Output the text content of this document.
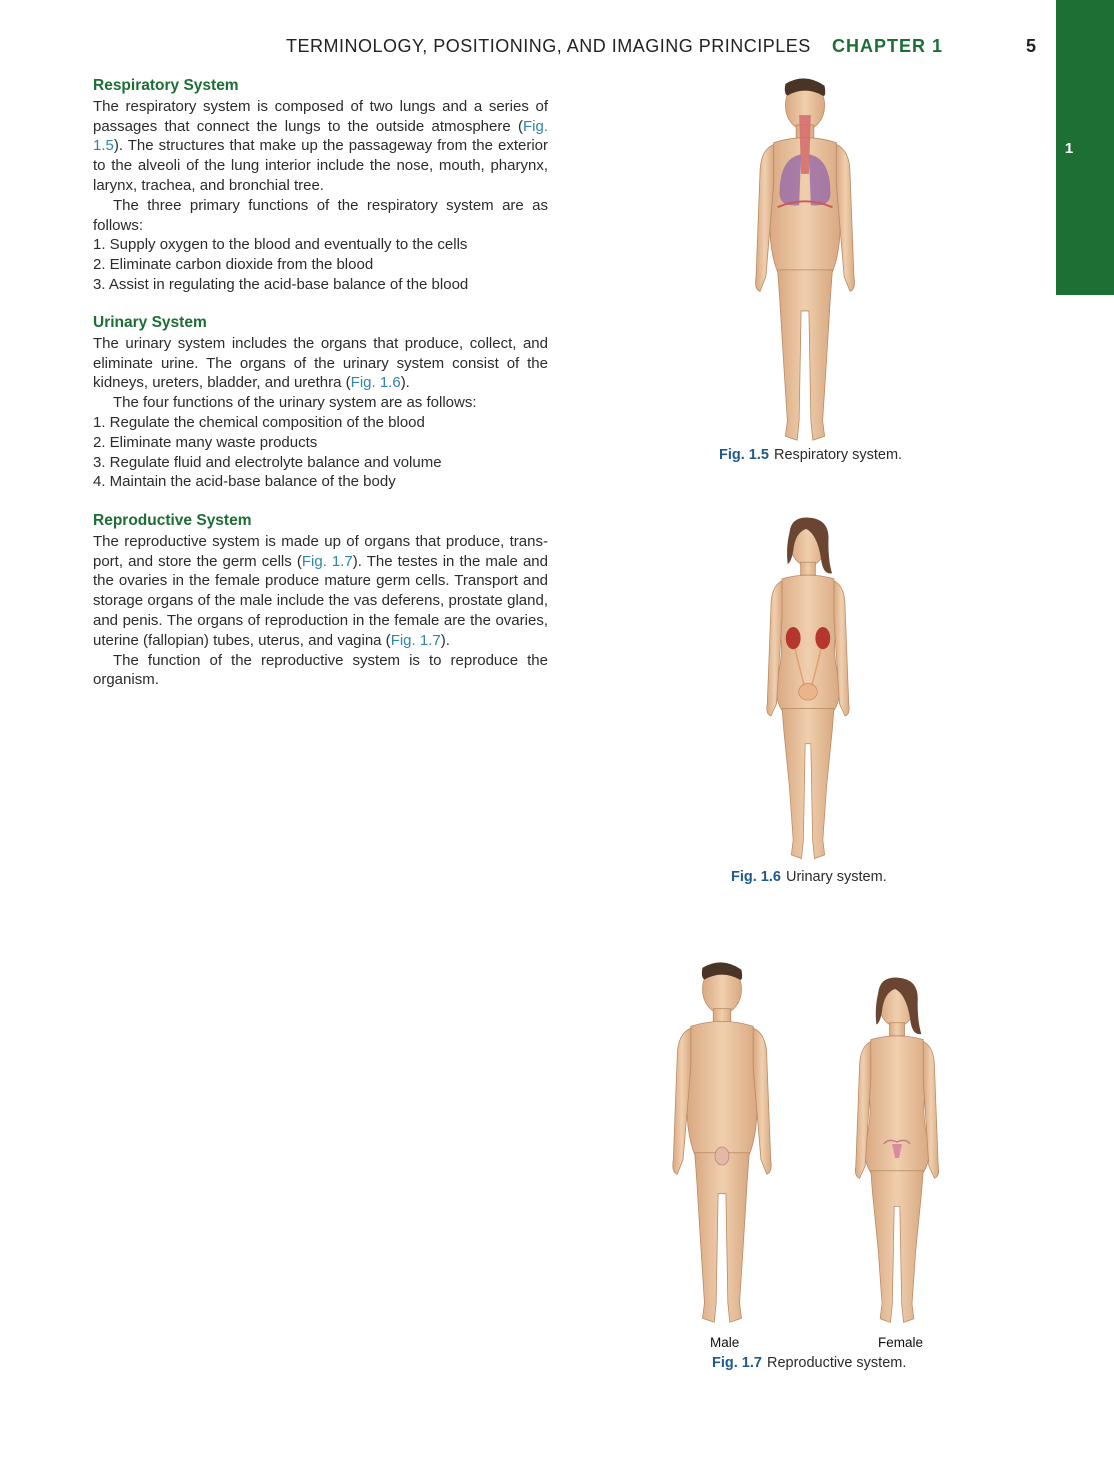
TERMINOLOGY, POSITIONING, AND IMAGING PRINCIPLES CHAPTER 1	5
1
Respiratory System

The respiratory system is composed of two lungs and a series of passages that connect the lungs to the outside atmosphere (Fig. 1.5). The structures that make up the passageway from the exterior to the alveoli of the lung interior include the nose, mouth, pharynx, larynx, trachea, and bronchial tree.

The three primary functions of the respiratory system are as follows:

1. Supply oxygen to the blood and eventually to the cells
2. Eliminate carbon dioxide from the blood
3. Assist in regulating the acid-base balance of the blood
Urinary System

The urinary system includes the organs that produce, collect, and eliminate urine. The organs of the urinary system consist of the kidneys, ureters, bladder, and urethra (Fig. 1.6).

The four functions of the urinary system are as follows:

1. Regulate the chemical composition of the blood
2. Eliminate many waste products
3. Regulate fluid and electrolyte balance and volume
4. Maintain the acid-base balance of the body
Reproductive System

The reproductive system is made up of organs that produce, trans-port, and store the germ cells (Fig. 1.7). The testes in the male and the ovaries in the female produce mature germ cells. Transport and storage organs of the male include the vas deferens, prostate gland, and penis. The organs of reproduction in the female are the ovaries, uterine (fallopian) tubes, uterus, and vagina (Fig. 1.7).

The function of the reproductive system is to reproduce the organism.

Fig. 1.5 Respiratory system.
Fig. 1.6 Urinary system.
Male	Female
Fig. 1.7 Reproductive system.
